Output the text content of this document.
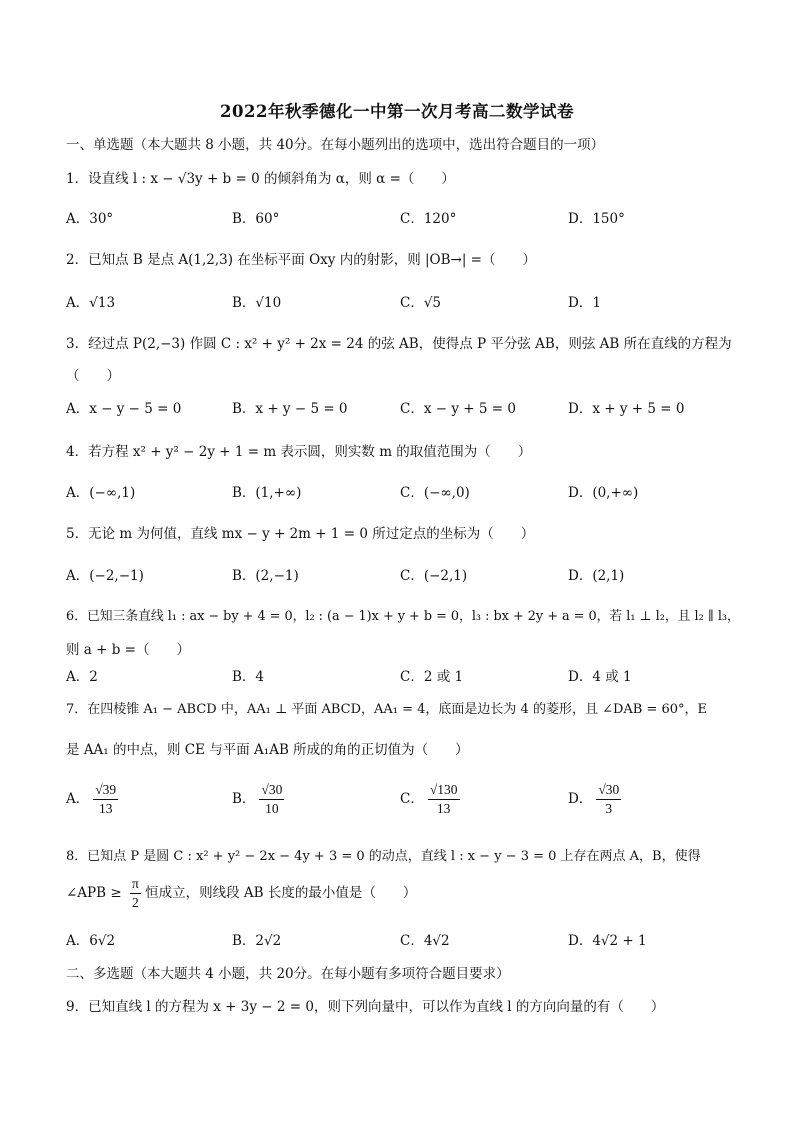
2022年秋季德化一中第一次月考高二数学试卷
一、单选题（本大题共 8 小题，共 40分。在每小题列出的选项中，选出符合题目的一项）
1．设直线 l : x − √3y + b = 0 的倾斜角为 α，则 α =（　　）
A．30°	B．60°	C．120°	D．150°
2．已知点 B 是点 A(1,2,3) 在坐标平面 Oxy 内的射影，则 |OB→| =（　　）
A．√13	B．√10	C．√5	D．1
3．经过点 P(2,−3) 作圆 C : x² + y² + 2x = 24 的弦 AB，使得点 P 平分弦 AB，则弦 AB 所在直线的方程为
（　　）
A．x − y − 5 = 0	B．x + y − 5 = 0	C．x − y + 5 = 0	D．x + y + 5 = 0
4．若方程 x² + y² − 2y + 1 = m 表示圆，则实数 m 的取值范围为（　　）
A．(−∞,1)	B．(1,+∞)	C．(−∞,0)	D．(0,+∞)
5．无论 m 为何值，直线 mx − y + 2m + 1 = 0 所过定点的坐标为（　　）
A．(−2,−1)	B．(2,−1)	C．(−2,1)	D．(2,1)
6．已知三条直线 l₁ : ax − by + 4 = 0，l₂ : (a − 1)x + y + b = 0，l₃ : bx + 2y + a = 0，若 l₁ ⊥ l₂，且 l₂ ∥ l₃，
则 a + b =（　　）
A．2	B．4	C．2 或 1	D．4 或 1
7．在四棱锥 A₁ − ABCD 中，AA₁ ⊥ 平面 ABCD，AA₁ = 4，底面是边长为 4 的菱形，且 ∠DAB = 60°，E
是 AA₁ 的中点，则 CE 与平面 A₁AB 所成的角的正切值为（　　）
A． $\frac{√39}{13}$	B． $\frac{√30}{10}$	C． $\frac{√130}{13}$	D． $\frac{√30}{3}$
8．已知点 P 是圆 C : x² + y² − 2x − 4y + 3 = 0 的动点，直线 l : x − y − 3 = 0 上存在两点 A，B，使得
∠APB ≥ $\frac{\pi}{2}$ 恒成立，则线段 AB 长度的最小值是（　　）
A．6√2	B．2√2	C．4√2	D．4√2 + 1
二、多选题（本大题共 4 小题，共 20分。在每小题有多项符合题目要求）
9．已知直线 l 的方程为 x + 3y − 2 = 0，则下列向量中，可以作为直线 l 的方向向量的有（　　）
